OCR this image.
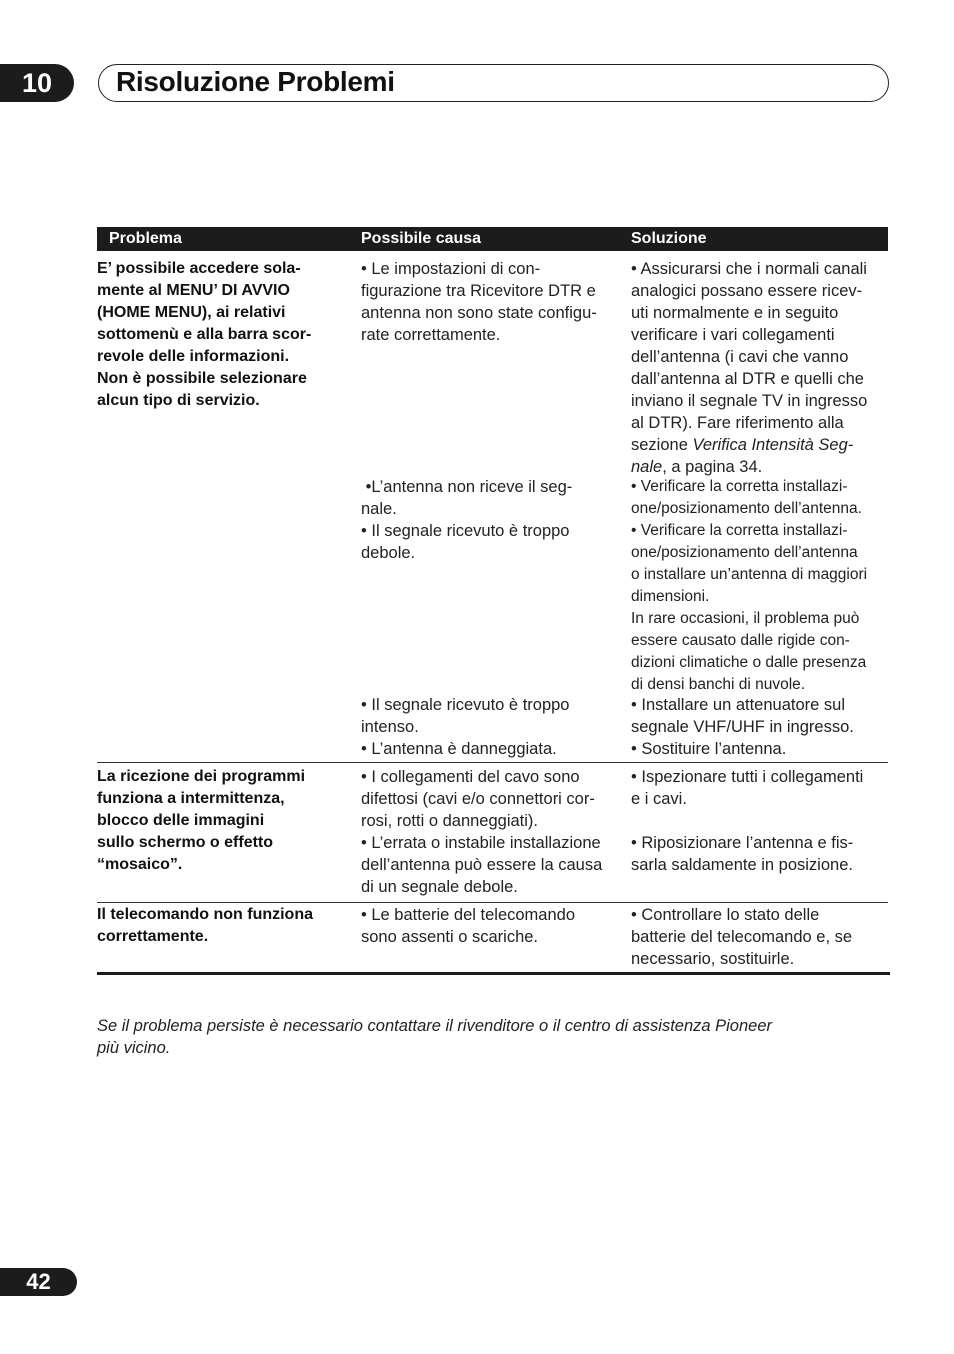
10 Risoluzione Problemi
Problema	Possibile causa	Soluzione
E’ possibile accedere sola-
mente al MENU’ DI AVVIO
(HOME MENU), ai relativi
sottomenù e alla barra scor-
revole delle informazioni.
Non è possibile selezionare
alcun tipo di servizio.
• Le impostazioni di con-
figurazione tra Ricevitore DTR e
antenna non sono state configu-
rate correttamente.
• Assicurarsi che i normali canali
analogici possano essere ricev-
uti normalmente e in seguito
verificare i vari collegamenti
dell’antenna (i cavi che vanno
dall’antenna al DTR e quelli che
inviano il segnale TV in ingresso
al DTR). Fare riferimento alla
sezione Verifica Intensità Seg-
nale, a pagina 34.
•L’antenna non riceve il seg-
nale.
• Il segnale ricevuto è troppo
debole.
• Verificare la corretta installazi-
one/posizionamento dell’antenna.
• Verificare la corretta installazi-
one/posizionamento dell’antenna
o installare un’antenna di maggiori
dimensioni.
In rare occasioni, il problema può
essere causato dalle rigide con-
dizioni climatiche o dalle presenza
di densi banchi di nuvole.
• Il segnale ricevuto è troppo
intenso.
• L’antenna è danneggiata.
• Installare un attenuatore sul
segnale VHF/UHF in ingresso.
• Sostituire l’antenna.
La ricezione dei programmi
funziona a intermittenza,
blocco delle immagini
sullo schermo o effetto
“mosaico”.
• I collegamenti del cavo sono
difettosi (cavi e/o connettori cor-
rosi, rotti o danneggiati).
• L’errata o instabile installazione
dell’antenna può essere la causa
di un segnale debole.
• Ispezionare tutti i collegamenti
e i cavi.
• Riposizionare l’antenna e fis-
sarla saldamente in posizione.
Il telecomando non funziona
correttamente.
• Le batterie del telecomando
sono assenti o scariche.
• Controllare lo stato delle
batterie del telecomando e, se
necessario, sostituirle.
Se il problema persiste è necessario contattare il rivenditore o il centro di assistenza Pioneer
più vicino.
42
